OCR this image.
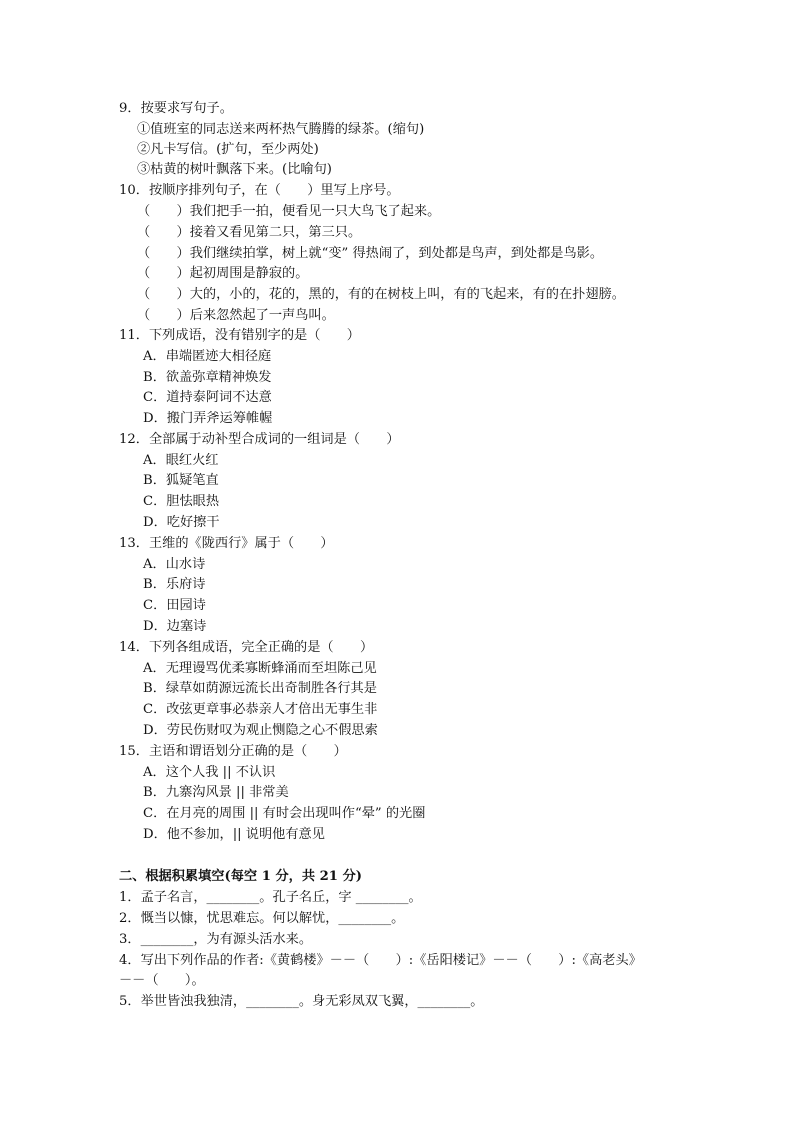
9．按要求写句子。
①值班室的同志送来两杯热气腾腾的绿茶。(缩句)
②凡卡写信。(扩句，至少两处)
③枯黄的树叶飘落下来。(比喻句)
10．按顺序排列句子，在（　　）里写上序号。
（　　）我们把手一拍，便看见一只大鸟飞了起来。
（　　）接着又看见第二只，第三只。
（　　）我们继续拍掌，树上就“变” 得热闹了，到处都是鸟声，到处都是鸟影。
（　　）起初周围是静寂的。
（　　）大的，小的，花的，黑的，有的在树枝上叫，有的飞起来，有的在扑翅膀。
（　　）后来忽然起了一声鸟叫。
11．下列成语，没有错别字的是（　　）
A．串端匿迹大相径庭
B．欲盖弥章精神焕发
C．道持泰阿词不达意
D．搬门弄斧运筹帷幄
12．全部属于动补型合成词的一组词是（　　）
A．眼红火红
B．狐疑笔直
C．胆怯眼热
D．吃好擦干
13．王维的《陇西行》属于（　　）
A．山水诗
B．乐府诗
C．田园诗
D．边塞诗
14．下列各组成语，完全正确的是（　　）
A．无理谩骂优柔寡断蜂涌而至坦陈己见
B．绿草如荫源远流长出奇制胜各行其是
C．改弦更章事必恭亲人才倍出无事生非
D．劳民伤财叹为观止恻隐之心不假思索
15．主语和谓语划分正确的是（　　）
A．这个人我 || 不认识
B．九寨沟风景 || 非常美
C．在月亮的周围 || 有时会出现叫作“晕” 的光圈
D．他不参加，|| 说明他有意见
二、根据积累填空(每空 1 分，共 21 分)
1．孟子名言，________。孔子名丘，字 ________。
2．慨当以慷，忧思难忘。何以解忧，________。
3．________，为有源头活水来。
4．写出下列作品的作者:《黄鹤楼》－－（　　）:《岳阳楼记》－－（　　）:《高老头》
－－（　　）。
5．举世皆浊我独清，________。身无彩凤双飞翼，________。
